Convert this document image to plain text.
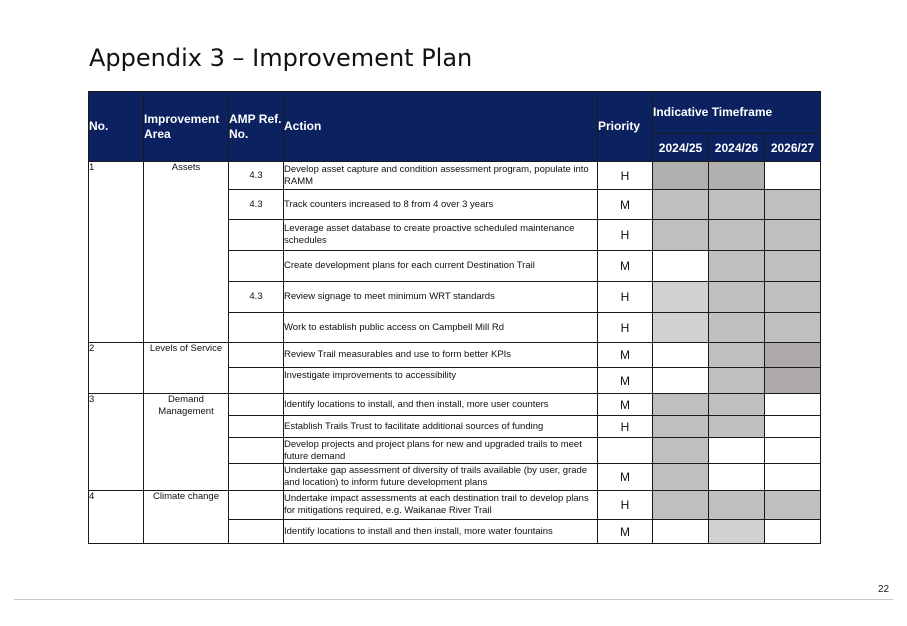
Appendix 3 – Improvement Plan
No.	Improvement Area	AMP Ref. No.	Action	Priority	Indicative Timeframe		
					2024/25	2024/26	2026/27
1	Assets	4.3	Develop asset capture and condition assessment program, populate into RAMM	H			
		4.3	Track counters increased to 8 from 4 over 3 years	M			
			Leverage asset database to create proactive scheduled maintenance schedules	H			
			Create development plans for each current Destination Trail	M			
		4.3	Review signage to meet minimum WRT standards	H			
			Work to establish public access on Campbell Mill Rd	H			
2	Levels of Service		Review Trail measurables and use to form better KPIs	M			
			Investigate improvements to accessibility	M			
3	Demand Management		Identify locations to install, and then install, more user counters	M			
			Establish Trails Trust to facilitate additional sources of funding	H			
			Develop projects and project plans for new and upgraded trails to meet future demand				
			Undertake gap assessment of diversity of trails available (by user, grade and location) to inform future development plans	M			
4	Climate change		Undertake impact assessments at each destination trail to develop plans for mitigations required, e.g. Waikanae River Trail	H			
			Identify locations to install and then install, more water fountains	M			
22
